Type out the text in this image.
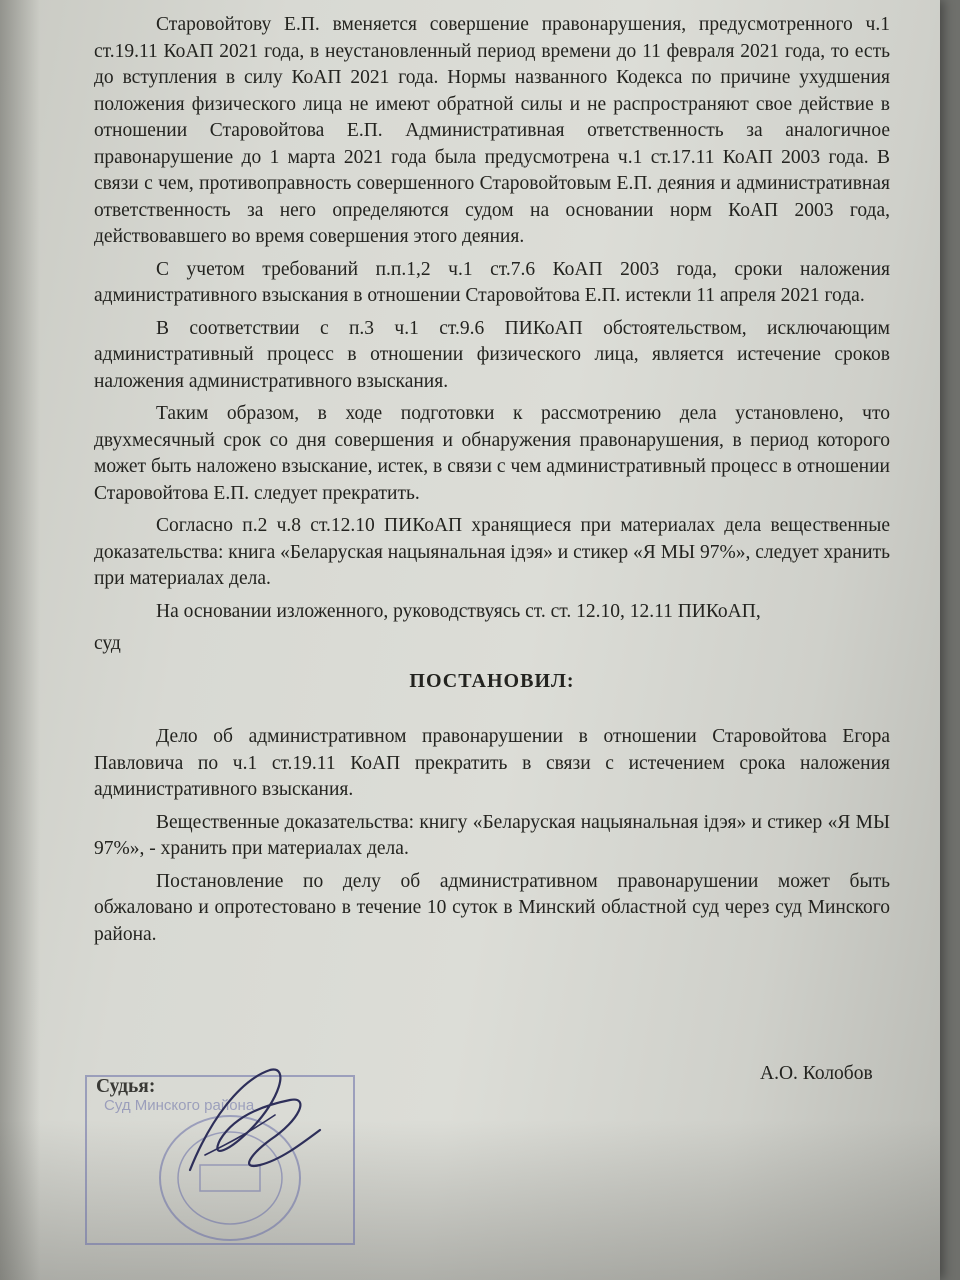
Старовойтову Е.П. вменяется совершение правонарушения, предусмотренного ч.1 ст.19.11 КоАП 2021 года, в неустановленный период времени до 11 февраля 2021 года, то есть до вступления в силу КоАП 2021 года. Нормы названного Кодекса по причине ухудшения положения физического лица не имеют обратной силы и не распространяют свое действие в отношении Старовойтова Е.П. Административная ответственность за аналогичное правонарушение до 1 марта 2021 года была предусмотрена ч.1 ст.17.11 КоАП 2003 года. В связи с чем, противоправность совершенного Старовойтовым Е.П. деяния и административная ответственность за него определяются судом на основании норм КоАП 2003 года, действовавшего во время совершения этого деяния.

С учетом требований п.п.1,2 ч.1 ст.7.6 КоАП 2003 года, сроки наложения административного взыскания в отношении Старовойтова Е.П. истекли 11 апреля 2021 года.

В соответствии с п.3 ч.1 ст.9.6 ПИКоАП обстоятельством, исключающим административный процесс в отношении физического лица, является истечение сроков наложения административного взыскания.

Таким образом, в ходе подготовки к рассмотрению дела установлено, что двухмесячный срок со дня совершения и обнаружения правонарушения, в период которого может быть наложено взыскание, истек, в связи с чем административный процесс в отношении Старовойтова Е.П. следует прекратить.

Согласно п.2 ч.8 ст.12.10 ПИКоАП хранящиеся при материалах дела вещественные доказательства: книга «Беларуская нацыянальная ідэя» и стикер «Я МЫ 97%», следует хранить при материалах дела.

На основании изложенного, руководствуясь ст. ст. 12.10, 12.11 ПИКоАП,

суд

ПОСТАНОВИЛ:

Дело об административном правонарушении в отношении Старовойтова Егора Павловича по ч.1 ст.19.11 КоАП прекратить в связи с истечением срока наложения административного взыскания.

Вещественные доказательства: книгу «Беларуская нацыянальная ідэя» и стикер «Я МЫ 97%», - хранить при материалах дела.

Постановление по делу об административном правонарушении может быть обжаловано и опротестовано в течение 10 суток в Минский областной суд через суд Минского района.

Суд Минского района
Судья:
А.О. Колобов
